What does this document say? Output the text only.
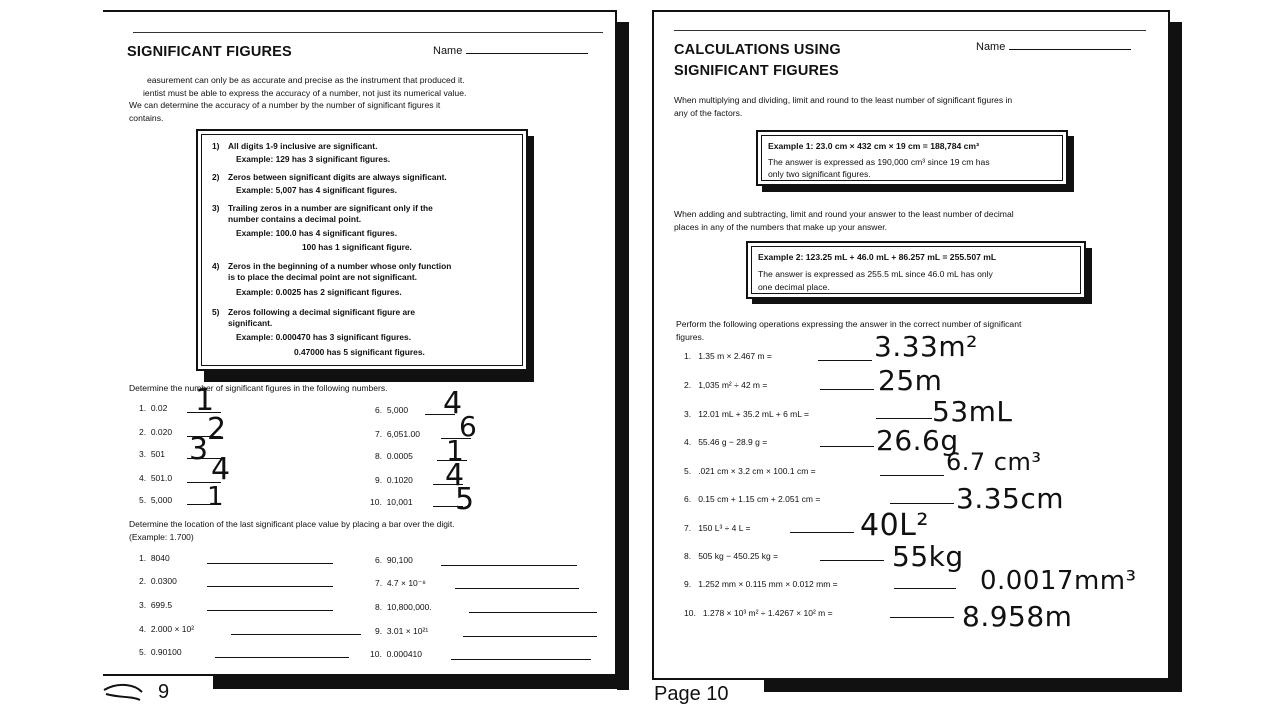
SIGNIFICANT FIGURES	Name
easurement can only be as accurate and precise as the instrument that produced it.
ientist must be able to express the accuracy of a number, not just its numerical value.
We can determine the accuracy of a number by the number of significant figures it
contains.
1) All digits 1-9 inclusive are significant.
Example: 129 has 3 significant figures.
2) Zeros between significant digits are always significant.
Example: 5,007 has 4 significant figures.
3) Trailing zeros in a number are significant only if the
number contains a decimal point.
Example: 100.0 has 4 significant figures.
100 has 1 significant figure.
4) Zeros in the beginning of a number whose only function
is to place the decimal point are not significant.
Example: 0.0025 has 2 significant figures.
5) Zeros following a decimal significant figure are
significant.
Example: 0.000470 has 3 significant figures.
0.47000 has 5 significant figures.
Determine the number of significant figures in the following numbers.
1. 0.02
2. 0.020
3. 501
4. 501.0
5. 5,000
1
2
3
4
1
6. 5,000
7. 6,051.00
8. 0.0005
9. 0.1020
10. 10,001
4
6
1
4
5
Determine the location of the last significant place value by placing a bar over the digit.
(Example: 1.700)
1. 8040
2. 0.0300
3. 699.5
4. 2.000 × 10²
5. 0.90100
6. 90,100
7. 4.7 × 10⁻⁸
8. 10,800,000.
9. 3.01 × 10²¹
10. 0.000410
9
CALCULATIONS USING
SIGNIFICANT FIGURES
Name
When multiplying and dividing, limit and round to the least number of significant figures in
any of the factors.
Example 1: 23.0 cm × 432 cm × 19 cm = 188,784 cm³
The answer is expressed as 190,000 cm³ since 19 cm has
only two significant figures.
When adding and subtracting, limit and round your answer to the least number of decimal
places in any of the numbers that make up your answer.
Example 2: 123.25 mL + 46.0 mL + 86.257 mL = 255.507 mL
The answer is expressed as 255.5 mL since 46.0 mL has only
one decimal place.
Perform the following operations expressing the answer in the correct number of significant
figures.
1. 1.35 m × 2.467 m =
2. 1,035 m² ÷ 42 m =
3. 12.01 mL + 35.2 mL + 6 mL =
4. 55.46 g − 28.9 g =
5. .021 cm × 3.2 cm × 100.1 cm =
6. 0.15 cm + 1.15 cm + 2.051 cm =
7. 150 L³ ÷ 4 L =
8. 505 kg − 450.25 kg =
9. 1.252 mm × 0.115 mm × 0.012 mm =
10. 1.278 × 10³ m² ÷ 1.4267 × 10² m =
3.33m²
25m
53mL
26.6g
6.7 cm³
3.35cm
40L²
55kg
0.0017mm³
8.958m
Page 10
